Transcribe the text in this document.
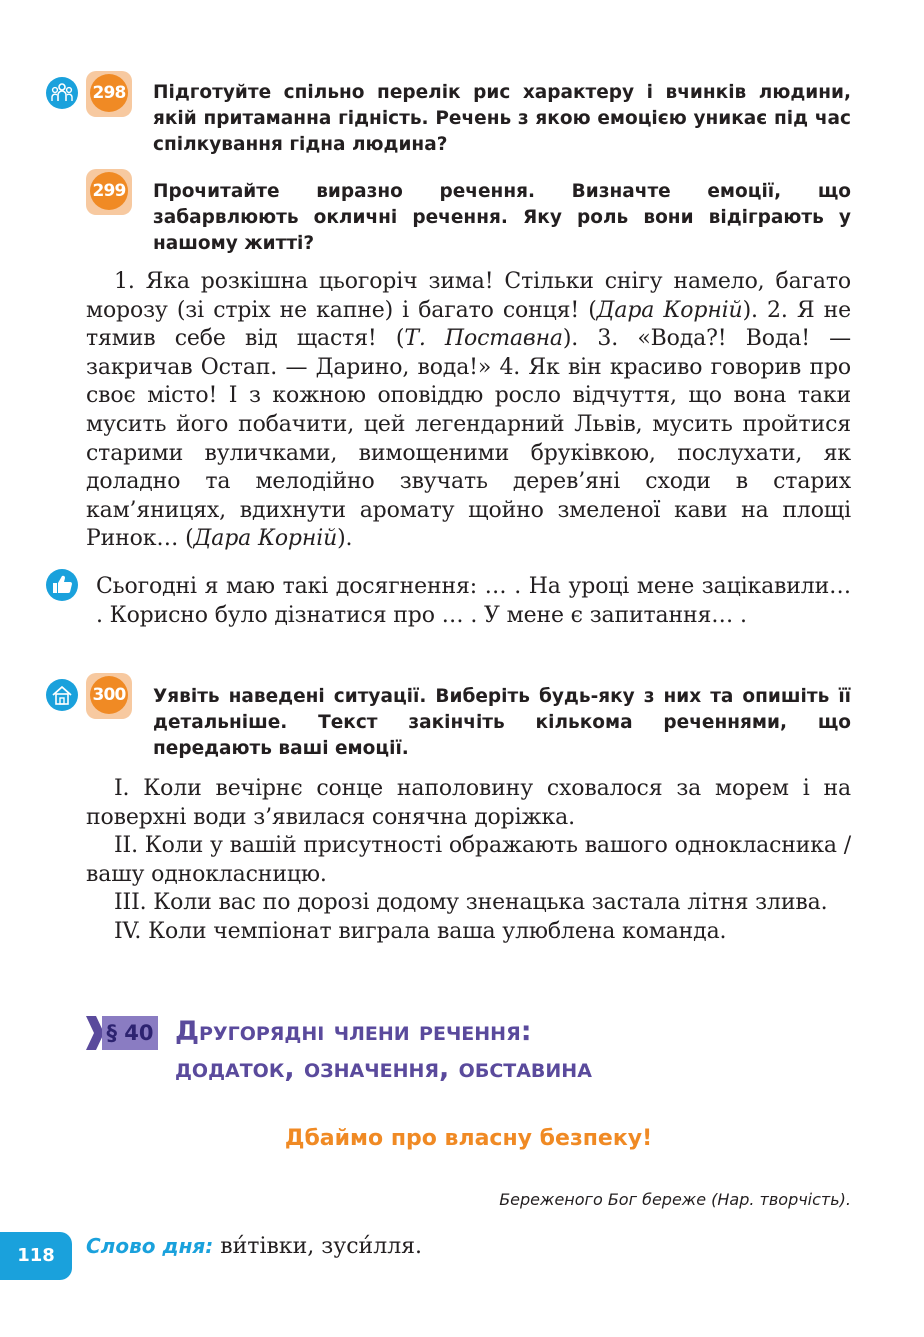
298 Підготуйте спільно перелік рис характеру і вчинків людини, якій притаманна гідність. Речень з якою емоцією уникає під час спілкування гідна людина?
299 Прочитайте виразно речення. Визначте емоції, що забарвлюють окличні речення. Яку роль вони відіграють у нашому житті?
1. Яка розкішна цьогоріч зима! Стільки снігу намело, багато морозу (зі стріх не капне) і багато сонця! (Дара Корній). 2. Я не тямив себе від щастя! (Т. Поставна). 3. «Вода?! Вода! — закричав Остап. — Дарино, вода!» 4. Як він красиво говорив про своє місто! І з кожною оповіддю росло відчуття, що вона таки мусить його побачити, цей легендарний Львів, мусить пройтися старими вуличками, вимощеними бруківкою, послухати, як доладно та мелодійно звучать дерев’яні сходи в старих кам’яницях, вдихнути аромату щойно змеленої кави на площі Ринок… (Дара Корній).
Сьогодні я маю такі досягнення: … . На уроці мене зацікавили… . Корисно було дізнатися про … . У мене є запитання… .
300 Уявіть наведені ситуації. Виберіть будь-яку з них та опишіть її детальніше. Текст закінчіть кількома реченнями, що передають ваші емоції.
I. Коли вечірнє сонце наполовину сховалося за морем і на поверхні води з’явилася сонячна доріжка.
II. Коли у вашій присутності ображають вашого однокласника / вашу однокласницю.
III. Коли вас по дорозі додому зненацька застала літня злива.
IV. Коли чемпіонат виграла ваша улюблена команда.
§ 40 Другорядні члени речення:
додаток, означення, обставина
Дбаймо про власну безпеку!
Береженого Бог береже (Нар. творчість).
118	Слово дня: ви́тівки, зуси́лля.
